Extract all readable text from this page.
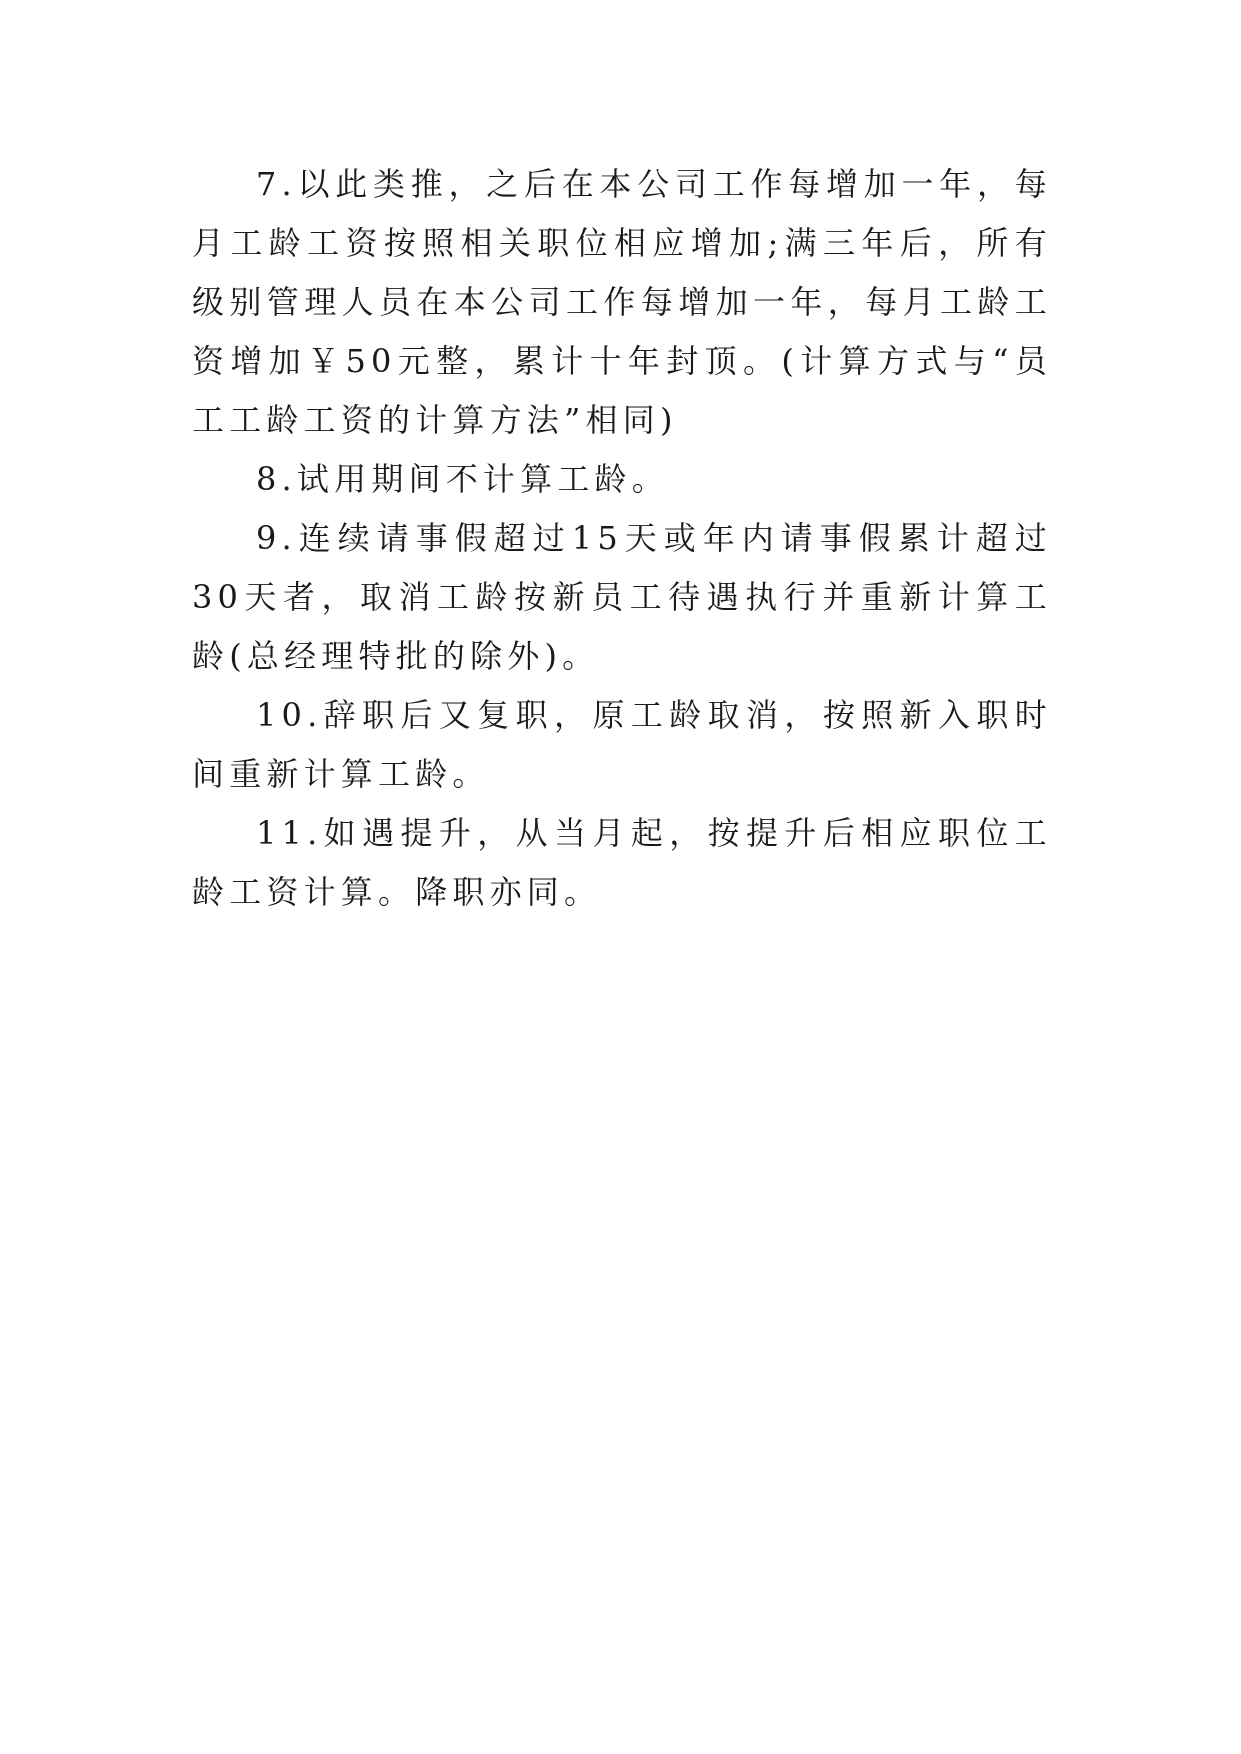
7.以此类推，之后在本公司工作每增加一年，每月工龄工资按照相关职位相应增加;满三年后，所有级别管理人员在本公司工作每增加一年，每月工龄工资增加￥50元整，累计十年封顶。(计算方式与“员工工龄工资的计算方法”相同)

8.试用期间不计算工龄。

9.连续请事假超过15天或年内请事假累计超过30天者，取消工龄按新员工待遇执行并重新计算工龄(总经理特批的除外)。

10.辞职后又复职，原工龄取消，按照新入职时间重新计算工龄。

11.如遇提升，从当月起，按提升后相应职位工龄工资计算。降职亦同。
